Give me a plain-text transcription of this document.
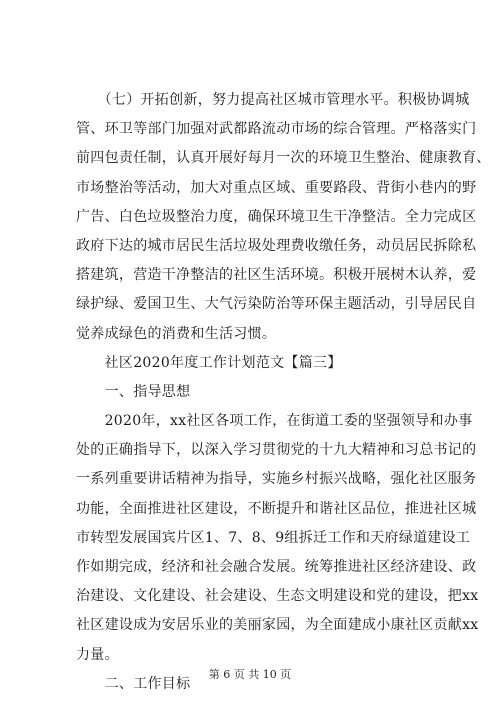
　　（七）开拓创新，努力提高社区城市管理水平。积极协调城
管、环卫等部门加强对武都路流动市场的综合管理。严格落实门
前四包责任制，认真开展好每月一次的环境卫生整治、健康教育、
市场整治等活动，加大对重点区域、重要路段、背街小巷内的野
广告、白色垃圾整治力度，确保环境卫生干净整洁。全力完成区
政府下达的城市居民生活垃圾处理费收缴任务，动员居民拆除私
搭建筑，营造干净整洁的社区生活环境。积极开展树木认养，爱
绿护绿、爱国卫生、大气污染防治等环保主题活动，引导居民自
觉养成绿色的消费和生活习惯。
　　社区2020年度工作计划范文【篇三】
　　一、指导思想
　　2020年，xx社区各项工作，在街道工委的坚强领导和办事
处的正确指导下，以深入学习贯彻党的十九大精神和习总书记的
一系列重要讲话精神为指导，实施乡村振兴战略，强化社区服务
功能，全面推进社区建设，不断提升和谐社区品位，推进社区城
市转型发展国宾片区1、7、8、9组拆迁工作和天府绿道建设工
作如期完成，经济和社会融合发展。统筹推进社区经济建设、政
治建设、文化建设、社会建设、生态文明建设和党的建设，把xx
社区建设成为安居乐业的美丽家园，为全面建成小康社区贡献xx
力量。
　　二、工作目标
第 6 页 共 10 页
